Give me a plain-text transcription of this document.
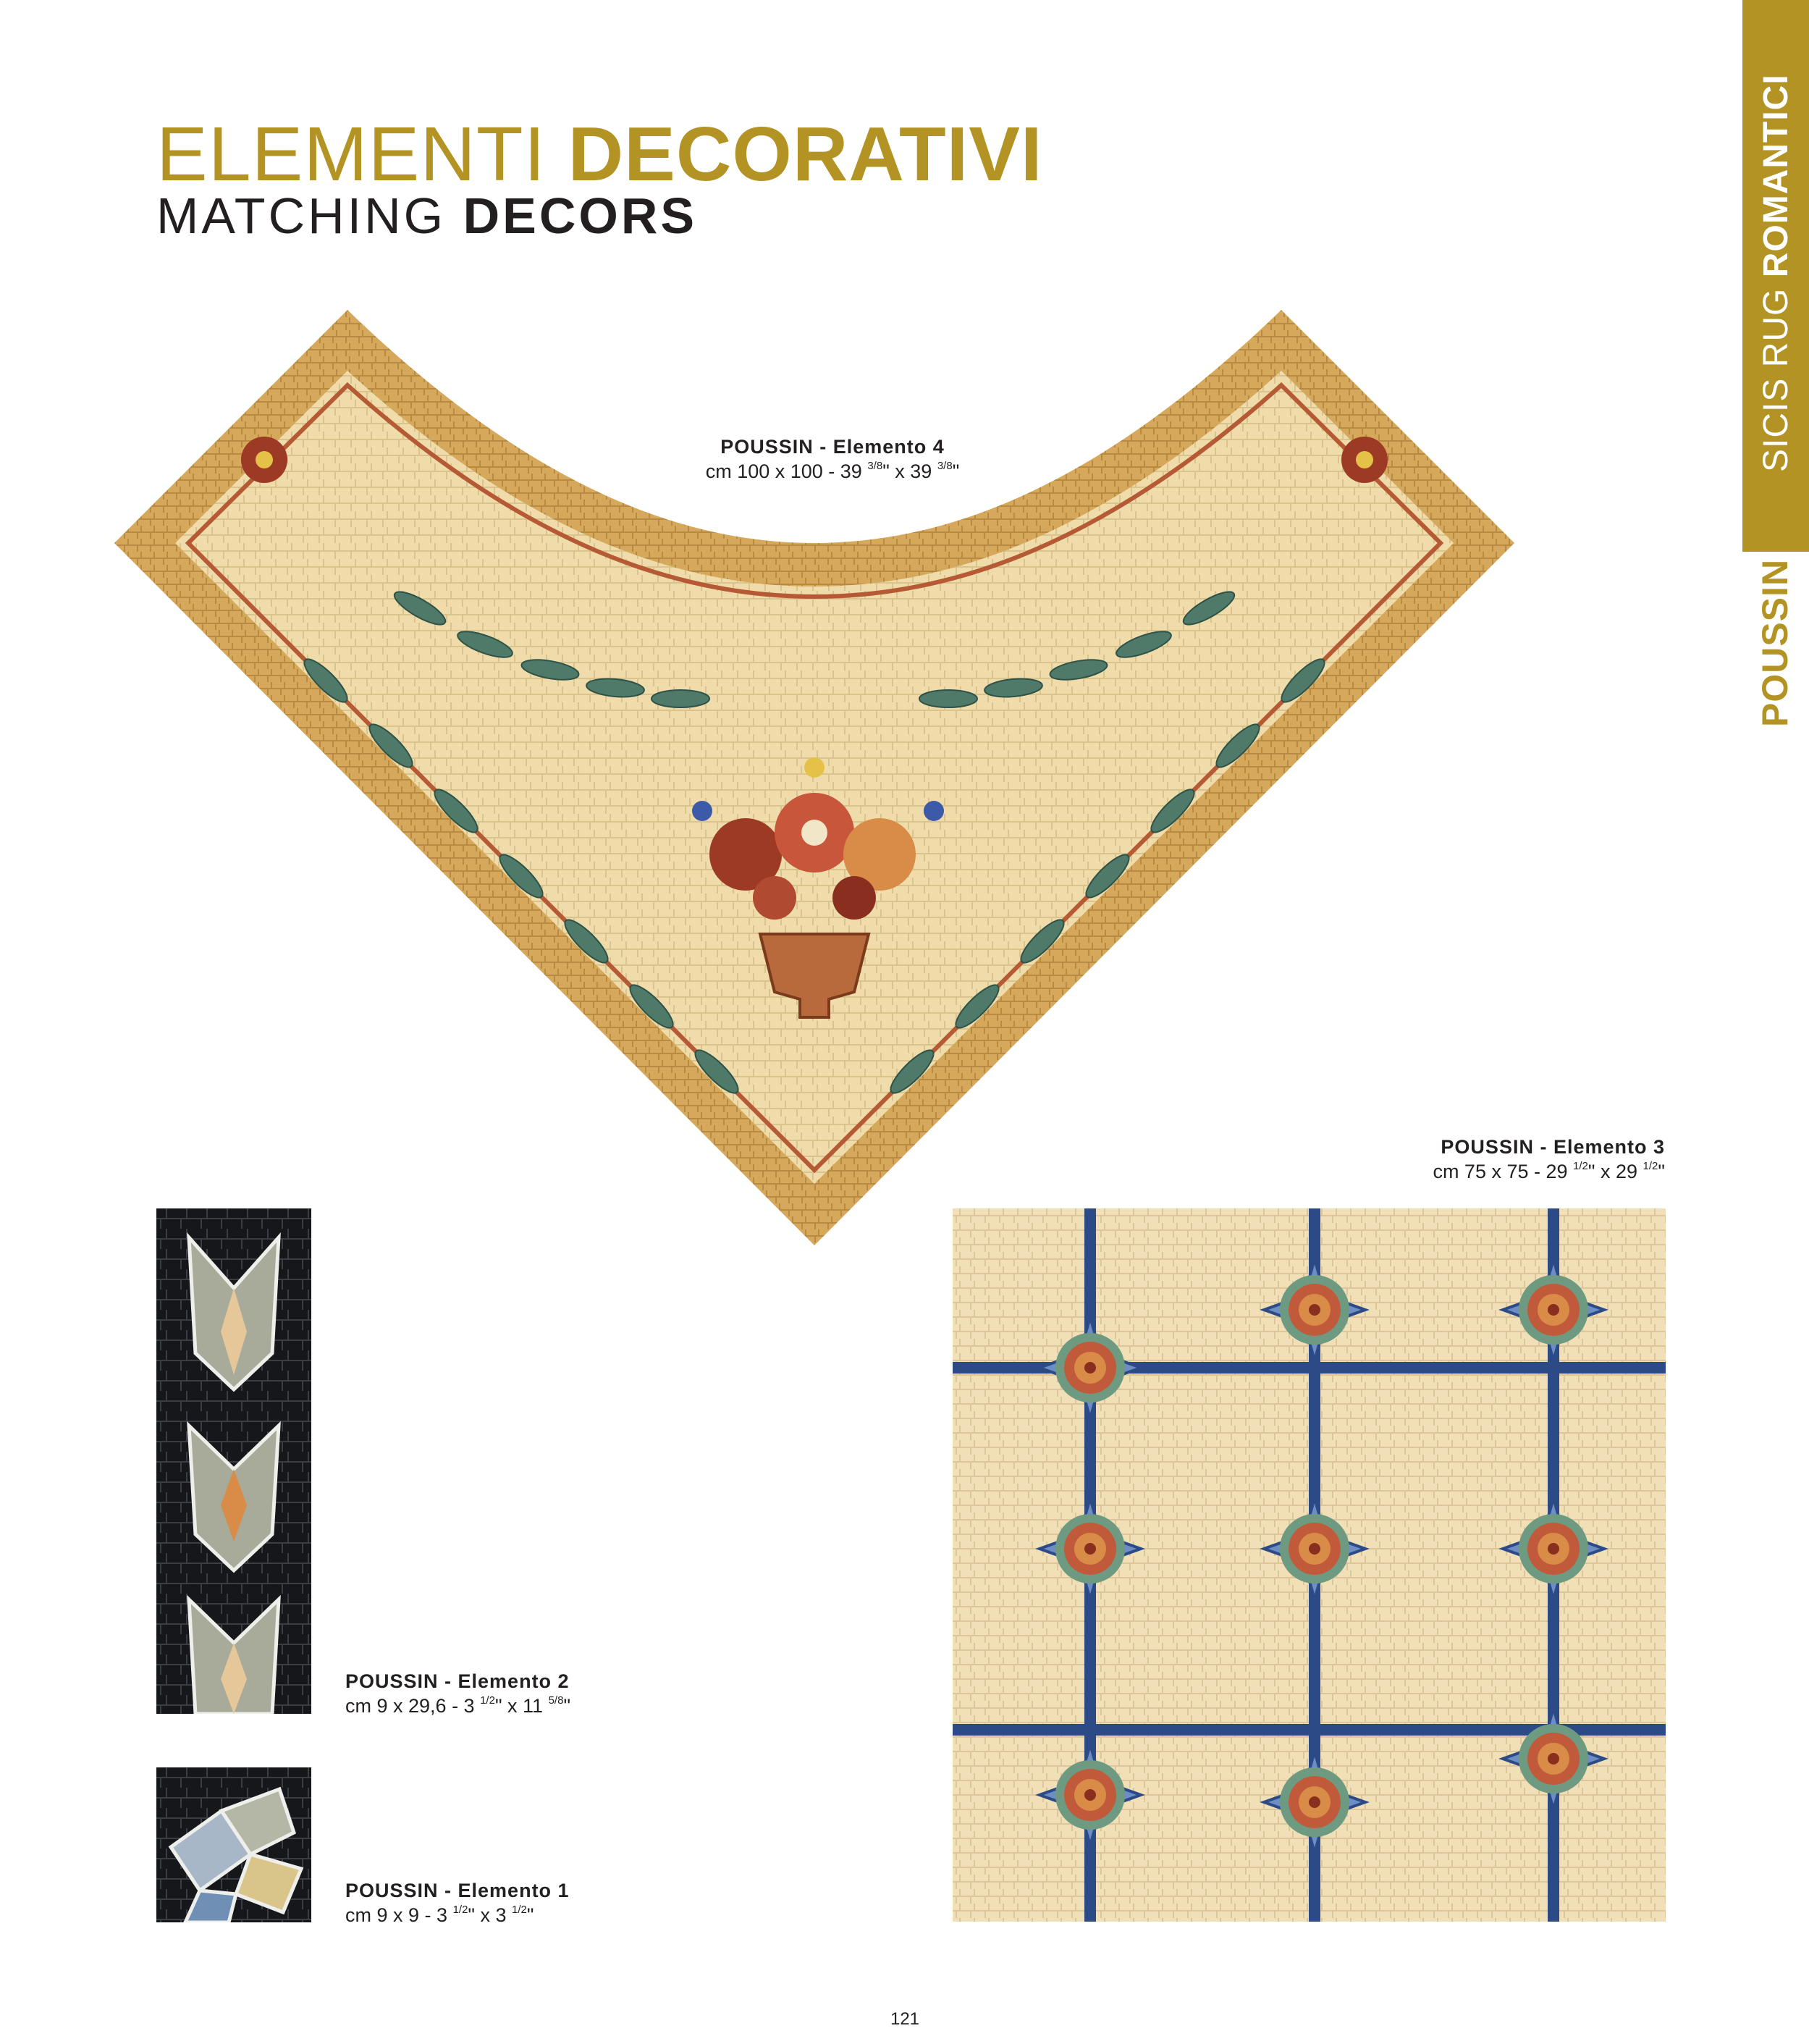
ELEMENTI DECORATIVI
MATCHING DECORS
SICIS RUG ROMANTICI
POUSSIN
POUSSIN - Elemento 4
cm 100 x 100 - 39 $^{3/8}$" x 39 $^{3/8}$"
POUSSIN - Elemento 3
cm 75 x 75 - 29 $^{1/2}$" x 29 $^{1/2}$"
POUSSIN - Elemento 2
cm 9 x 29,6 - 3 $^{1/2}$" x 11 $^{5/8}$"
POUSSIN - Elemento 1
cm 9 x 9 - 3 $^{1/2}$" x 3 $^{1/2}$"
121
